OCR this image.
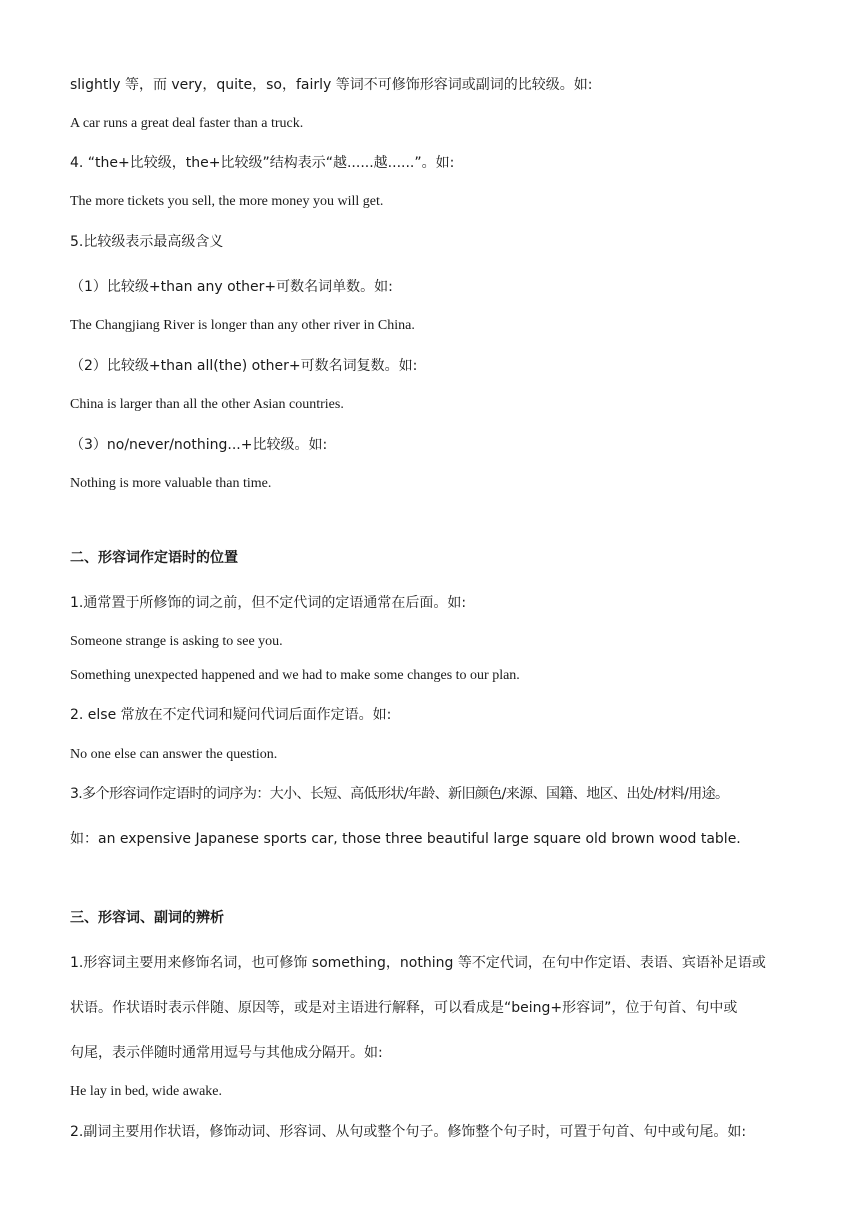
slightly 等，而 very，quite，so，fairly 等词不可修饰形容词或副词的比较级。如:
A car runs a great deal faster than a truck.
4. “the+比较级，the+比较级”结构表示“越......越......”。如:
The more tickets you sell, the more money you will get.
5.比较级表示最高级含义
（1）比较级+than any other+可数名词单数。如:
The Changjiang River is longer than any other river in China.
（2）比较级+than all(the) other+可数名词复数。如:
China is larger than all the other Asian countries.
（3）no/never/nothing...+比较级。如:
Nothing is more valuable than time.
二、形容词作定语时的位置
1.通常置于所修饰的词之前，但不定代词的定语通常在后面。如:
Someone strange is asking to see you.
Something unexpected happened and we had to make some changes to our plan.
2. else 常放在不定代词和疑问代词后面作定语。如:
No one else can answer the question.
3.多个形容词作定语时的词序为：大小、长短、高低形状/年龄、新旧颜色/来源、国籍、地区、出处/材料/用途。
如：an expensive Japanese sports car, those three beautiful large square old brown wood table.
三、形容词、副词的辨析
1.形容词主要用来修饰名词，也可修饰 something，nothing 等不定代词，在句中作定语、表语、宾语补足语或
状语。作状语时表示伴随、原因等，或是对主语进行解释，可以看成是“being+形容词”，位于句首、句中或
句尾，表示伴随时通常用逗号与其他成分隔开。如:
He lay in bed, wide awake.
2.副词主要用作状语，修饰动词、形容词、从句或整个句子。修饰整个句子时，可置于句首、句中或句尾。如:
